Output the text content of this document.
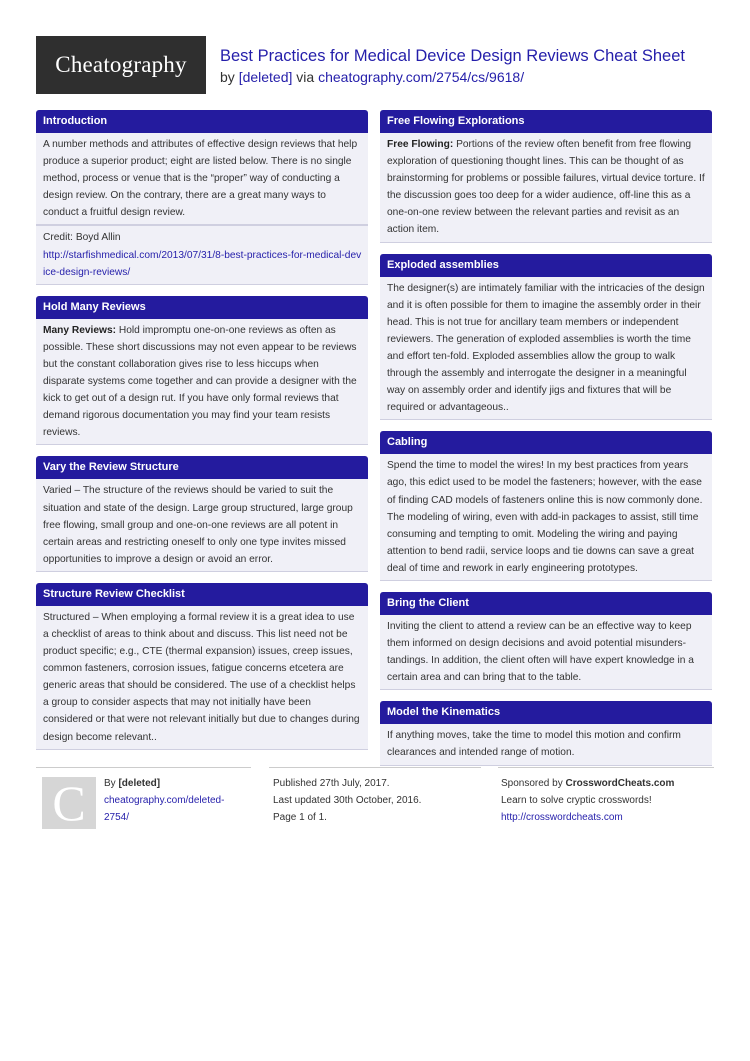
Cheatography	Best Practices for Medical Device Design Reviews Cheat Sheet
by [deleted] via cheatography.com/2754/cs/9618/
Introduction
A number methods and attributes of effective design reviews that help produce a superior product; eight are listed below. There is no single method, process or venue that is the “proper” way of conducting a design review. On the contrary, there are a great many ways to conduct a fruitful design review.
Credit: Boyd Allin
http://starfishmedical.com/2013/07/31/8-best-practices-for-medical-device-design-reviews/
Hold Many Reviews
Many Reviews: Hold impromptu one-on-one reviews as often as possible. These short discussions may not even appear to be reviews but the constant collaboration gives rise to less hiccups when disparate systems come together and can provide a designer with the kick to get out of a design rut. If you have only formal reviews that demand rigorous documentation you may find your team resists reviews.
Vary the Review Structure
Varied – The structure of the reviews should be varied to suit the situation and state of the design. Large group structured, large group free flowing, small group and one-on-one reviews are all potent in certain areas and restricting oneself to only one type invites missed opportunities to improve a design or avoid an error.
Structure Review Checklist
Structured – When employing a formal review it is a great idea to use a checklist of areas to think about and discuss. This list need not be product specific; e.g., CTE (thermal expansion) issues, creep issues, common fasteners, corrosion issues, fatigue concerns etcetera are generic areas that should be considered. The use of a checklist helps a group to consider aspects that may not initially have been considered or that were not relevant initially but due to changes during design become relevant..
Free Flowing Explorations
Free Flowing: Portions of the review often benefit from free flowing exploration of questioning thought lines. This can be thought of as brainstorming for problems or possible failures, virtual device torture. If the discussion goes too deep for a wider audience, off-line this as a one-on-one review between the relevant parties and revisit as an action item.
Exploded assemblies
The designer(s) are intimately familiar with the intricacies of the design and it is often possible for them to imagine the assembly order in their head. This is not true for ancillary team members or independent reviewers. The generation of exploded assemblies is worth the time and effort ten-fold. Exploded assemblies allow the group to walk through the assembly and interrogate the designer in a meaningful way on assembly order and identify jigs and fixtures that will be required or advantageous..
Cabling
Spend the time to model the wires! In my best practices from years ago, this edict used to be model the fasteners; however, with the ease of finding CAD models of fasteners online this is now commonly done. The modeling of wiring, even with add-in packages to assist, still time consuming and tempting to omit. Modeling the wiring and paying attention to bend radii, service loops and tie downs can save a great deal of time and rework in early engineering prototypes.
Bring the Client
Inviting the client to attend a review can be an effective way to keep them informed on design decisions and avoid potential misunderstandings. In addition, the client often will have expert knowledge in a certain area and can bring that to the table.
Model the Kinematics
If anything moves, take the time to model this motion and confirm clearances and intended range of motion.
C	By [deleted]
cheatography.com/deleted-2754/
Published 27th July, 2017.
Last updated 30th October, 2016.
Page 1 of 1.
Sponsored by CrosswordCheats.com
Learn to solve cryptic crosswords!
http://crosswordcheats.com
